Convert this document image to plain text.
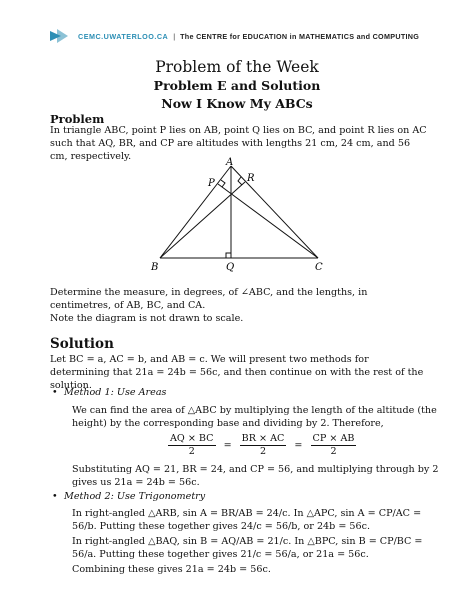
CEMC.UWATERLOO.CA | The CENTRE for EDUCATION in MATHEMATICS and COMPUTING
Problem of the Week
Problem E and Solution
Now I Know My ABCs
Problem
In triangle ABC, point P lies on AB, point Q lies on BC, and point R lies on AC such that AQ, BR, and CP are altitudes with lengths 21 cm, 24 cm, and 56 cm, respectively.
A
P	R
B	Q	C
Determine the measure, in degrees, of ∠ABC, and the lengths, in centimetres, of AB, BC, and CA.
Note the diagram is not drawn to scale.
Solution
Let BC = a, AC = b, and AB = c. We will present two methods for determining that 21a = 24b = 56c, and then continue on with the rest of the solution.
• Method 1: Use Areas
We can find the area of △ABC by multiplying the length of the altitude (the height) by the corresponding base and dividing by 2. Therefore,
$\frac{AQ \times BC}{2} = \frac{BR \times AC}{2} = \frac{CP \times AB}{2}$
Substituting AQ = 21, BR = 24, and CP = 56, and multiplying through by 2 gives us 21a = 24b = 56c.
• Method 2: Use Trigonometry
In right-angled △ARB, sin A = BR/AB = 24/c. In △APC, sin A = CP/AC = 56/b. Putting these together gives 24/c = 56/b, or 24b = 56c.
In right-angled △BAQ, sin B = AQ/AB = 21/c. In △BPC, sin B = CP/BC = 56/a. Putting these together gives 21/c = 56/a, or 21a = 56c.
Combining these gives 21a = 24b = 56c.
